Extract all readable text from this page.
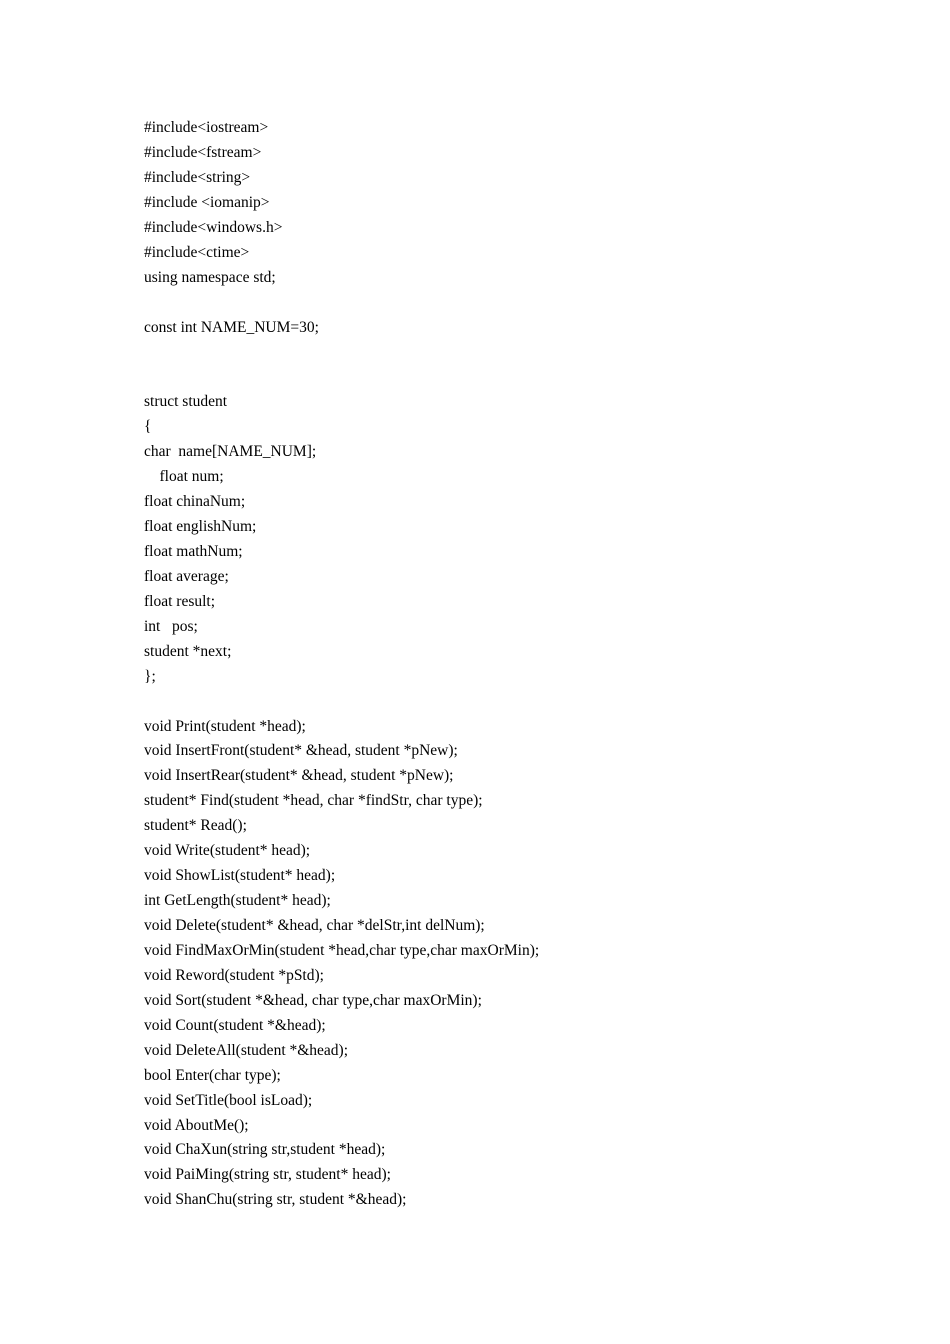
#include<iostream>
#include<fstream>
#include<string>
#include <iomanip>
#include<windows.h>
#include<ctime>
using namespace std;
const int NAME_NUM=30;
struct student
{
char  name[NAME_NUM];
float num;
float chinaNum;
float englishNum;
float mathNum;
float average;
float result;
int   pos;
student *next;
};
void Print(student *head);
void InsertFront(student* &head, student *pNew);
void InsertRear(student* &head, student *pNew);
student* Find(student *head, char *findStr, char type);
student* Read();
void Write(student* head);
void ShowList(student* head);
int GetLength(student* head);
void Delete(student* &head, char *delStr,int delNum);
void FindMaxOrMin(student *head,char type,char maxOrMin);
void Reword(student *pStd);
void Sort(student *&head, char type,char maxOrMin);
void Count(student *&head);
void DeleteAll(student *&head);
bool Enter(char type);
void SetTitle(bool isLoad);
void AboutMe();
void ChaXun(string str,student *head);
void PaiMing(string str, student* head);
void ShanChu(string str, student *&head);
